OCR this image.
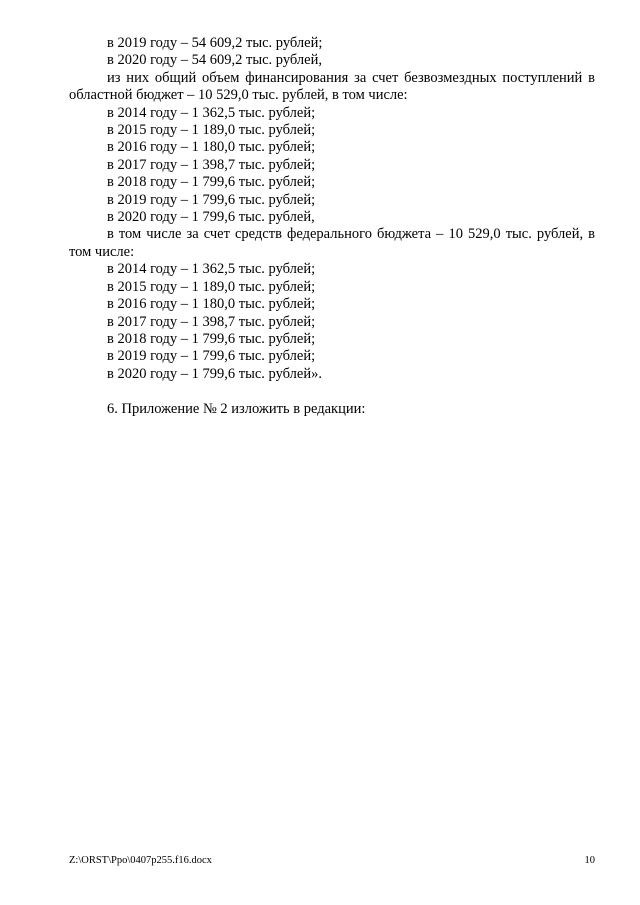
в 2019 году – 54 609,2 тыс. рублей;
в 2020 году – 54 609,2 тыс. рублей,
из них общий объем финансирования за счет безвозмездных поступлений в областной бюджет – 10 529,0 тыс. рублей, в том числе:
в 2014 году – 1 362,5 тыс. рублей;
в 2015 году – 1 189,0 тыс. рублей;
в 2016 году – 1 180,0 тыс. рублей;
в 2017 году – 1 398,7 тыс. рублей;
в 2018 году – 1 799,6 тыс. рублей;
в 2019 году – 1 799,6 тыс. рублей;
в 2020 году – 1 799,6 тыс. рублей,
в том числе за счет средств федерального бюджета – 10 529,0 тыс. рублей, в том числе:
в 2014 году – 1 362,5 тыс. рублей;
в 2015 году – 1 189,0 тыс. рублей;
в 2016 году – 1 180,0 тыс. рублей;
в 2017 году – 1 398,7 тыс. рублей;
в 2018 году – 1 799,6 тыс. рублей;
в 2019 году – 1 799,6 тыс. рублей;
в 2020 году – 1 799,6 тыс. рублей».
6. Приложение № 2 изложить в редакции:
Z:\ORST\Ppo\0407p255.f16.docx	10
